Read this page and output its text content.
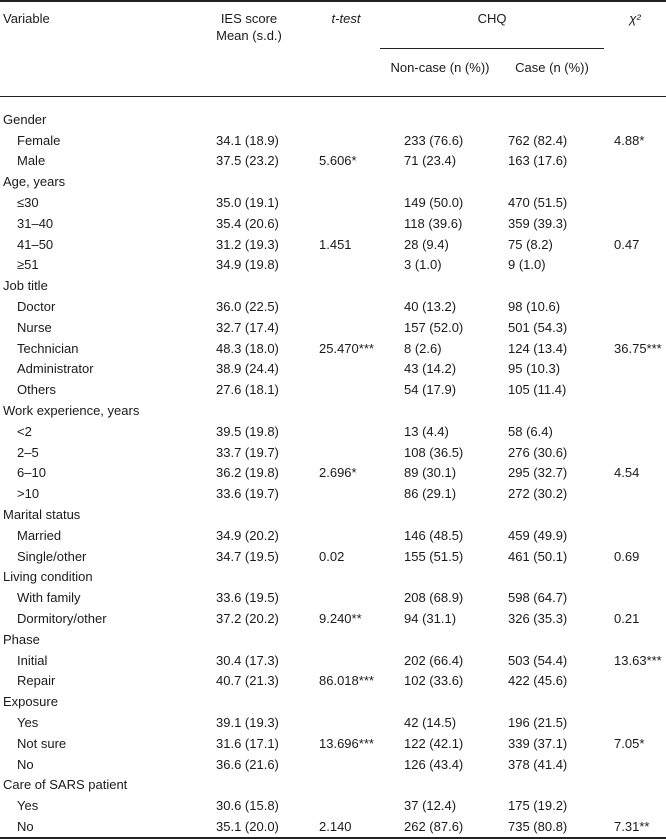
Variable	IES score
Mean (s.d.)	t-test	CHQ		χ²
			Non-case (n (%))	Case (n (%))	
Gender					
Female	34.1 (18.9)		233 (76.6)	762 (82.4)	4.88*
Male	37.5 (23.2)	5.606*	71 (23.4)	163 (17.6)	
Age, years					
≤30	35.0 (19.1)		149 (50.0)	470 (51.5)	
31–40	35.4 (20.6)		118 (39.6)	359 (39.3)	
41–50	31.2 (19.3)	1.451	28 (9.4)	75 (8.2)	0.47
≥51	34.9 (19.8)		3 (1.0)	9 (1.0)	
Job title					
Doctor	36.0 (22.5)		40 (13.2)	98 (10.6)	
Nurse	32.7 (17.4)		157 (52.0)	501 (54.3)	
Technician	48.3 (18.0)	25.470***	8 (2.6)	124 (13.4)	36.75***
Administrator	38.9 (24.4)		43 (14.2)	95 (10.3)	
Others	27.6 (18.1)		54 (17.9)	105 (11.4)	
Work experience, years					
<2	39.5 (19.8)		13 (4.4)	58 (6.4)	
2–5	33.7 (19.7)		108 (36.5)	276 (30.6)	
6–10	36.2 (19.8)	2.696*	89 (30.1)	295 (32.7)	4.54
>10	33.6 (19.7)		86 (29.1)	272 (30.2)	
Marital status					
Married	34.9 (20.2)		146 (48.5)	459 (49.9)	
Single/other	34.7 (19.5)	0.02	155 (51.5)	461 (50.1)	0.69
Living condition					
With family	33.6 (19.5)		208 (68.9)	598 (64.7)	
Dormitory/other	37.2 (20.2)	9.240**	94 (31.1)	326 (35.3)	0.21
Phase					
Initial	30.4 (17.3)		202 (66.4)	503 (54.4)	13.63***
Repair	40.7 (21.3)	86.018***	102 (33.6)	422 (45.6)	
Exposure					
Yes	39.1 (19.3)		42 (14.5)	196 (21.5)	
Not sure	31.6 (17.1)	13.696***	122 (42.1)	339 (37.1)	7.05*
No	36.6 (21.6)		126 (43.4)	378 (41.4)	
Care of SARS patient					
Yes	30.6 (15.8)		37 (12.4)	175 (19.2)	
No	35.1 (20.0)	2.140	262 (87.6)	735 (80.8)	7.31**
